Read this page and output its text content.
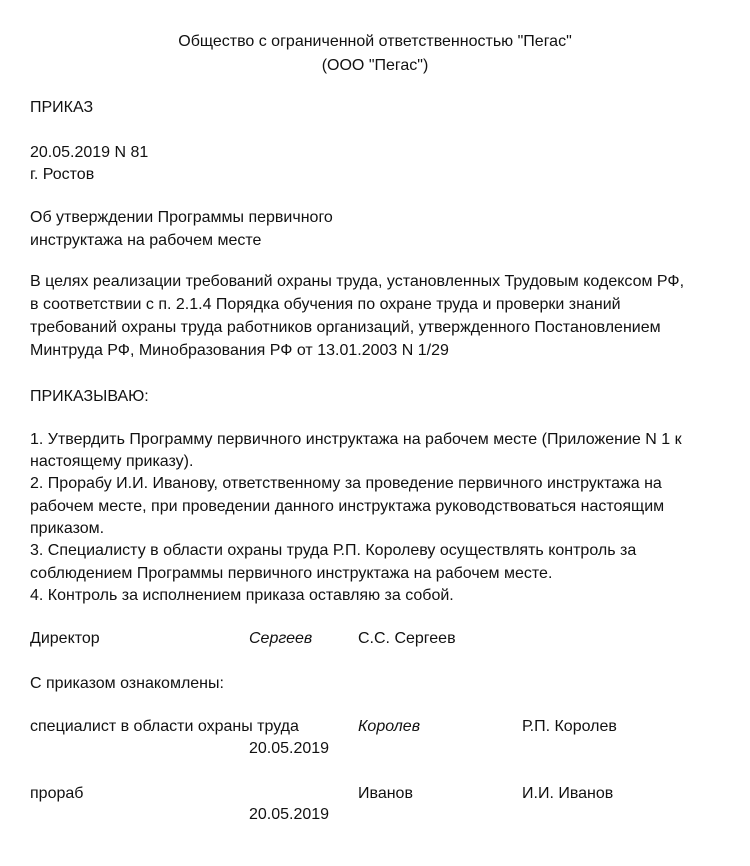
Общество с ограниченной ответственностью "Пегас"
(ООО "Пегас")
ПРИКАЗ
20.05.2019 N 81
г. Ростов
Об утверждении Программы первичного
инструктажа на рабочем месте
В целях реализации требований охраны труда, установленных Трудовым кодексом РФ,
в соответствии с п. 2.1.4 Порядка обучения по охране труда и проверки знаний
требований охраны труда работников организаций, утвержденного Постановлением
Минтруда РФ, Минобразования РФ от 13.01.2003 N 1/29
ПРИКАЗЫВАЮ:
1. Утвердить Программу первичного инструктажа на рабочем месте (Приложение N 1 к
настоящему приказу).
2. Прорабу И.И. Иванову, ответственному за проведение первичного инструктажа на
рабочем месте, при проведении данного инструктажа руководствоваться настоящим
приказом.
3. Специалисту в области охраны труда Р.П. Королеву осуществлять контроль за
соблюдением Программы первичного инструктажа на рабочем месте.
4. Контроль за исполнением приказа оставляю за собой.
Директор	Сергеев	С.С. Сергеев
С приказом ознакомлены:
специалист в области охраны труда	Королев	Р.П. Королев
20.05.2019
прораб	Иванов	И.И. Иванов
20.05.2019
